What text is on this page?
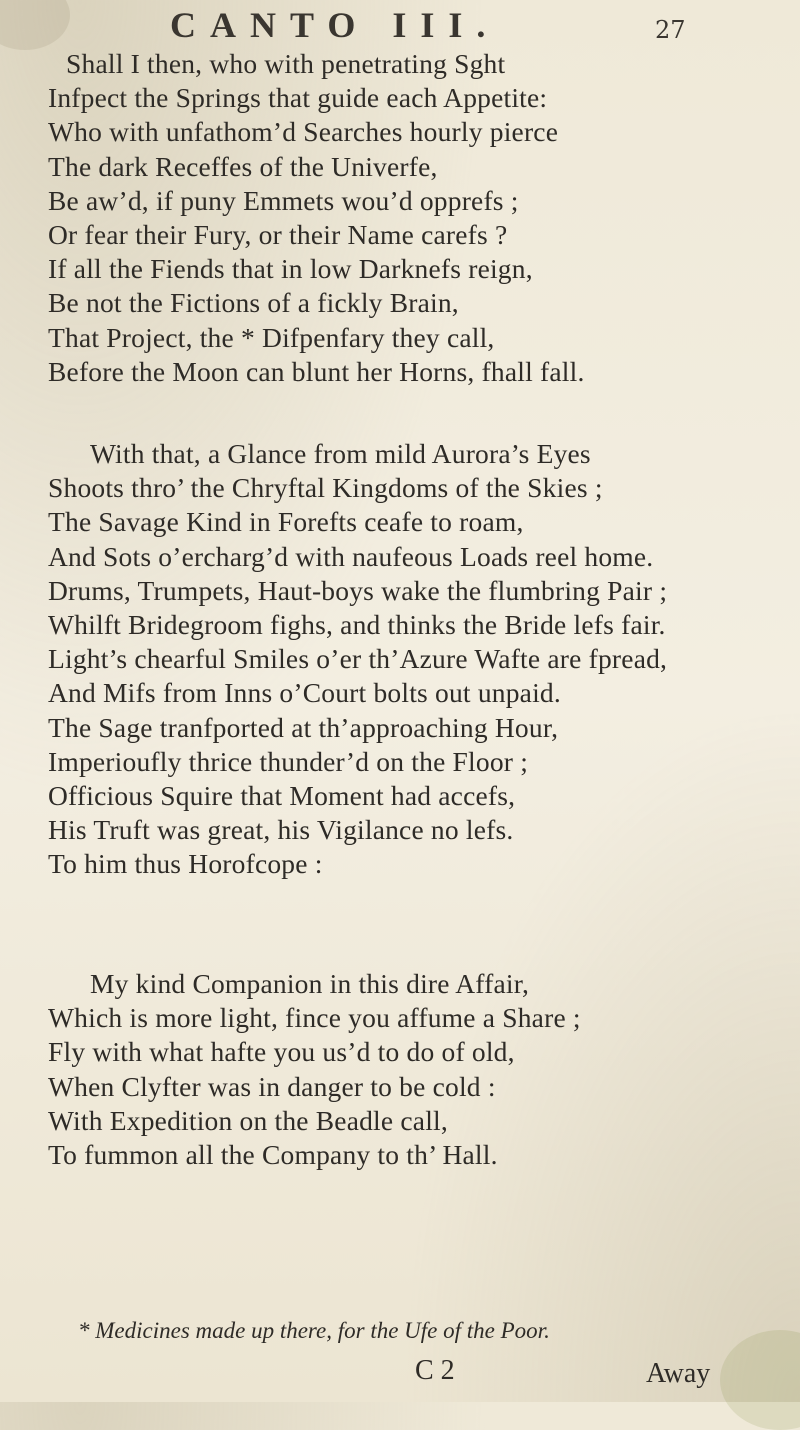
CANTO III.	27
Shall I then, who with penetrating Sght
Infpect the Springs that guide each Appetite:
Who with unfathom’d Searches hourly pierce
The dark Receffes of the Univerfe,
Be aw’d, if puny Emmets wou’d opprefs ;
Or fear their Fury, or their Name carefs ?
If all the Fiends that in low Darknefs reign,
Be not the Fictions of a fickly Brain,
That Project, the * Difpenfary they call,
Before the Moon can blunt her Horns, fhall fall.
With that, a Glance from mild Aurora’s Eyes
Shoots thro’ the Chryftal Kingdoms of the Skies ;
The Savage Kind in Forefts ceafe to roam,
And Sots o’ercharg’d with naufeous Loads reel home.
Drums, Trumpets, Haut-boys wake the flumbring Pair ;
Whilft Bridegroom fighs, and thinks the Bride lefs fair.
Light’s chearful Smiles o’er th’Azure Wafte are fpread,
And Mifs from Inns o’Court bolts out unpaid.
The Sage tranfported at th’approaching Hour,
Imperioufly thrice thunder’d on the Floor ;
Officious Squire that Moment had accefs,
His Truft was great, his Vigilance no lefs.
To him thus Horofcope :
My kind Companion in this dire Affair,
Which is more light, fince you affume a Share ;
Fly with what hafte you us’d to do of old,
When Clyfter was in danger to be cold :
With Expedition on the Beadle call,
To fummon all the Company to th’ Hall.
* Medicines made up there, for the Ufe of the Poor.
C 2	Away
